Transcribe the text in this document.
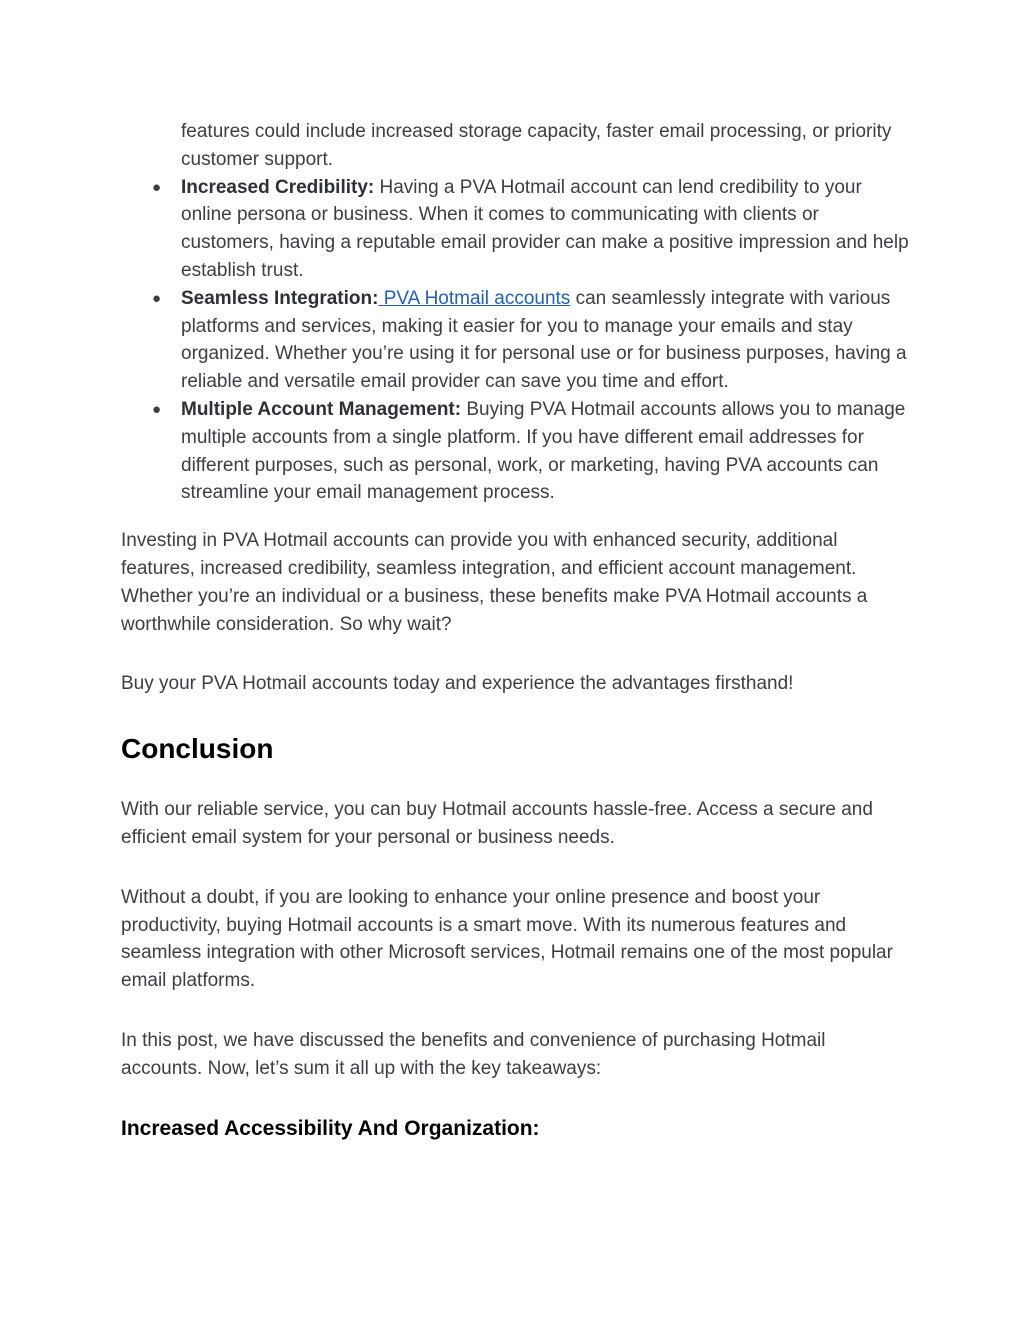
features could include increased storage capacity, faster email processing, or priority customer support.

● Increased Credibility: Having a PVA Hotmail account can lend credibility to your online persona or business. When it comes to communicating with clients or customers, having a reputable email provider can make a positive impression and help establish trust.
● Seamless Integration: PVA Hotmail accounts can seamlessly integrate with various platforms and services, making it easier for you to manage your emails and stay organized. Whether you’re using it for personal use or for business purposes, having a reliable and versatile email provider can save you time and effort.
● Multiple Account Management: Buying PVA Hotmail accounts allows you to manage multiple accounts from a single platform. If you have different email addresses for different purposes, such as personal, work, or marketing, having PVA accounts can streamline your email management process.

Investing in PVA Hotmail accounts can provide you with enhanced security, additional features, increased credibility, seamless integration, and efficient account management. Whether you’re an individual or a business, these benefits make PVA Hotmail accounts a worthwhile consideration. So why wait?

Buy your PVA Hotmail accounts today and experience the advantages firsthand!

Conclusion

With our reliable service, you can buy Hotmail accounts hassle-free. Access a secure and efficient email system for your personal or business needs.

Without a doubt, if you are looking to enhance your online presence and boost your productivity, buying Hotmail accounts is a smart move. With its numerous features and seamless integration with other Microsoft services, Hotmail remains one of the most popular email platforms.

In this post, we have discussed the benefits and convenience of purchasing Hotmail accounts. Now, let’s sum it all up with the key takeaways:

Increased Accessibility And Organization:
